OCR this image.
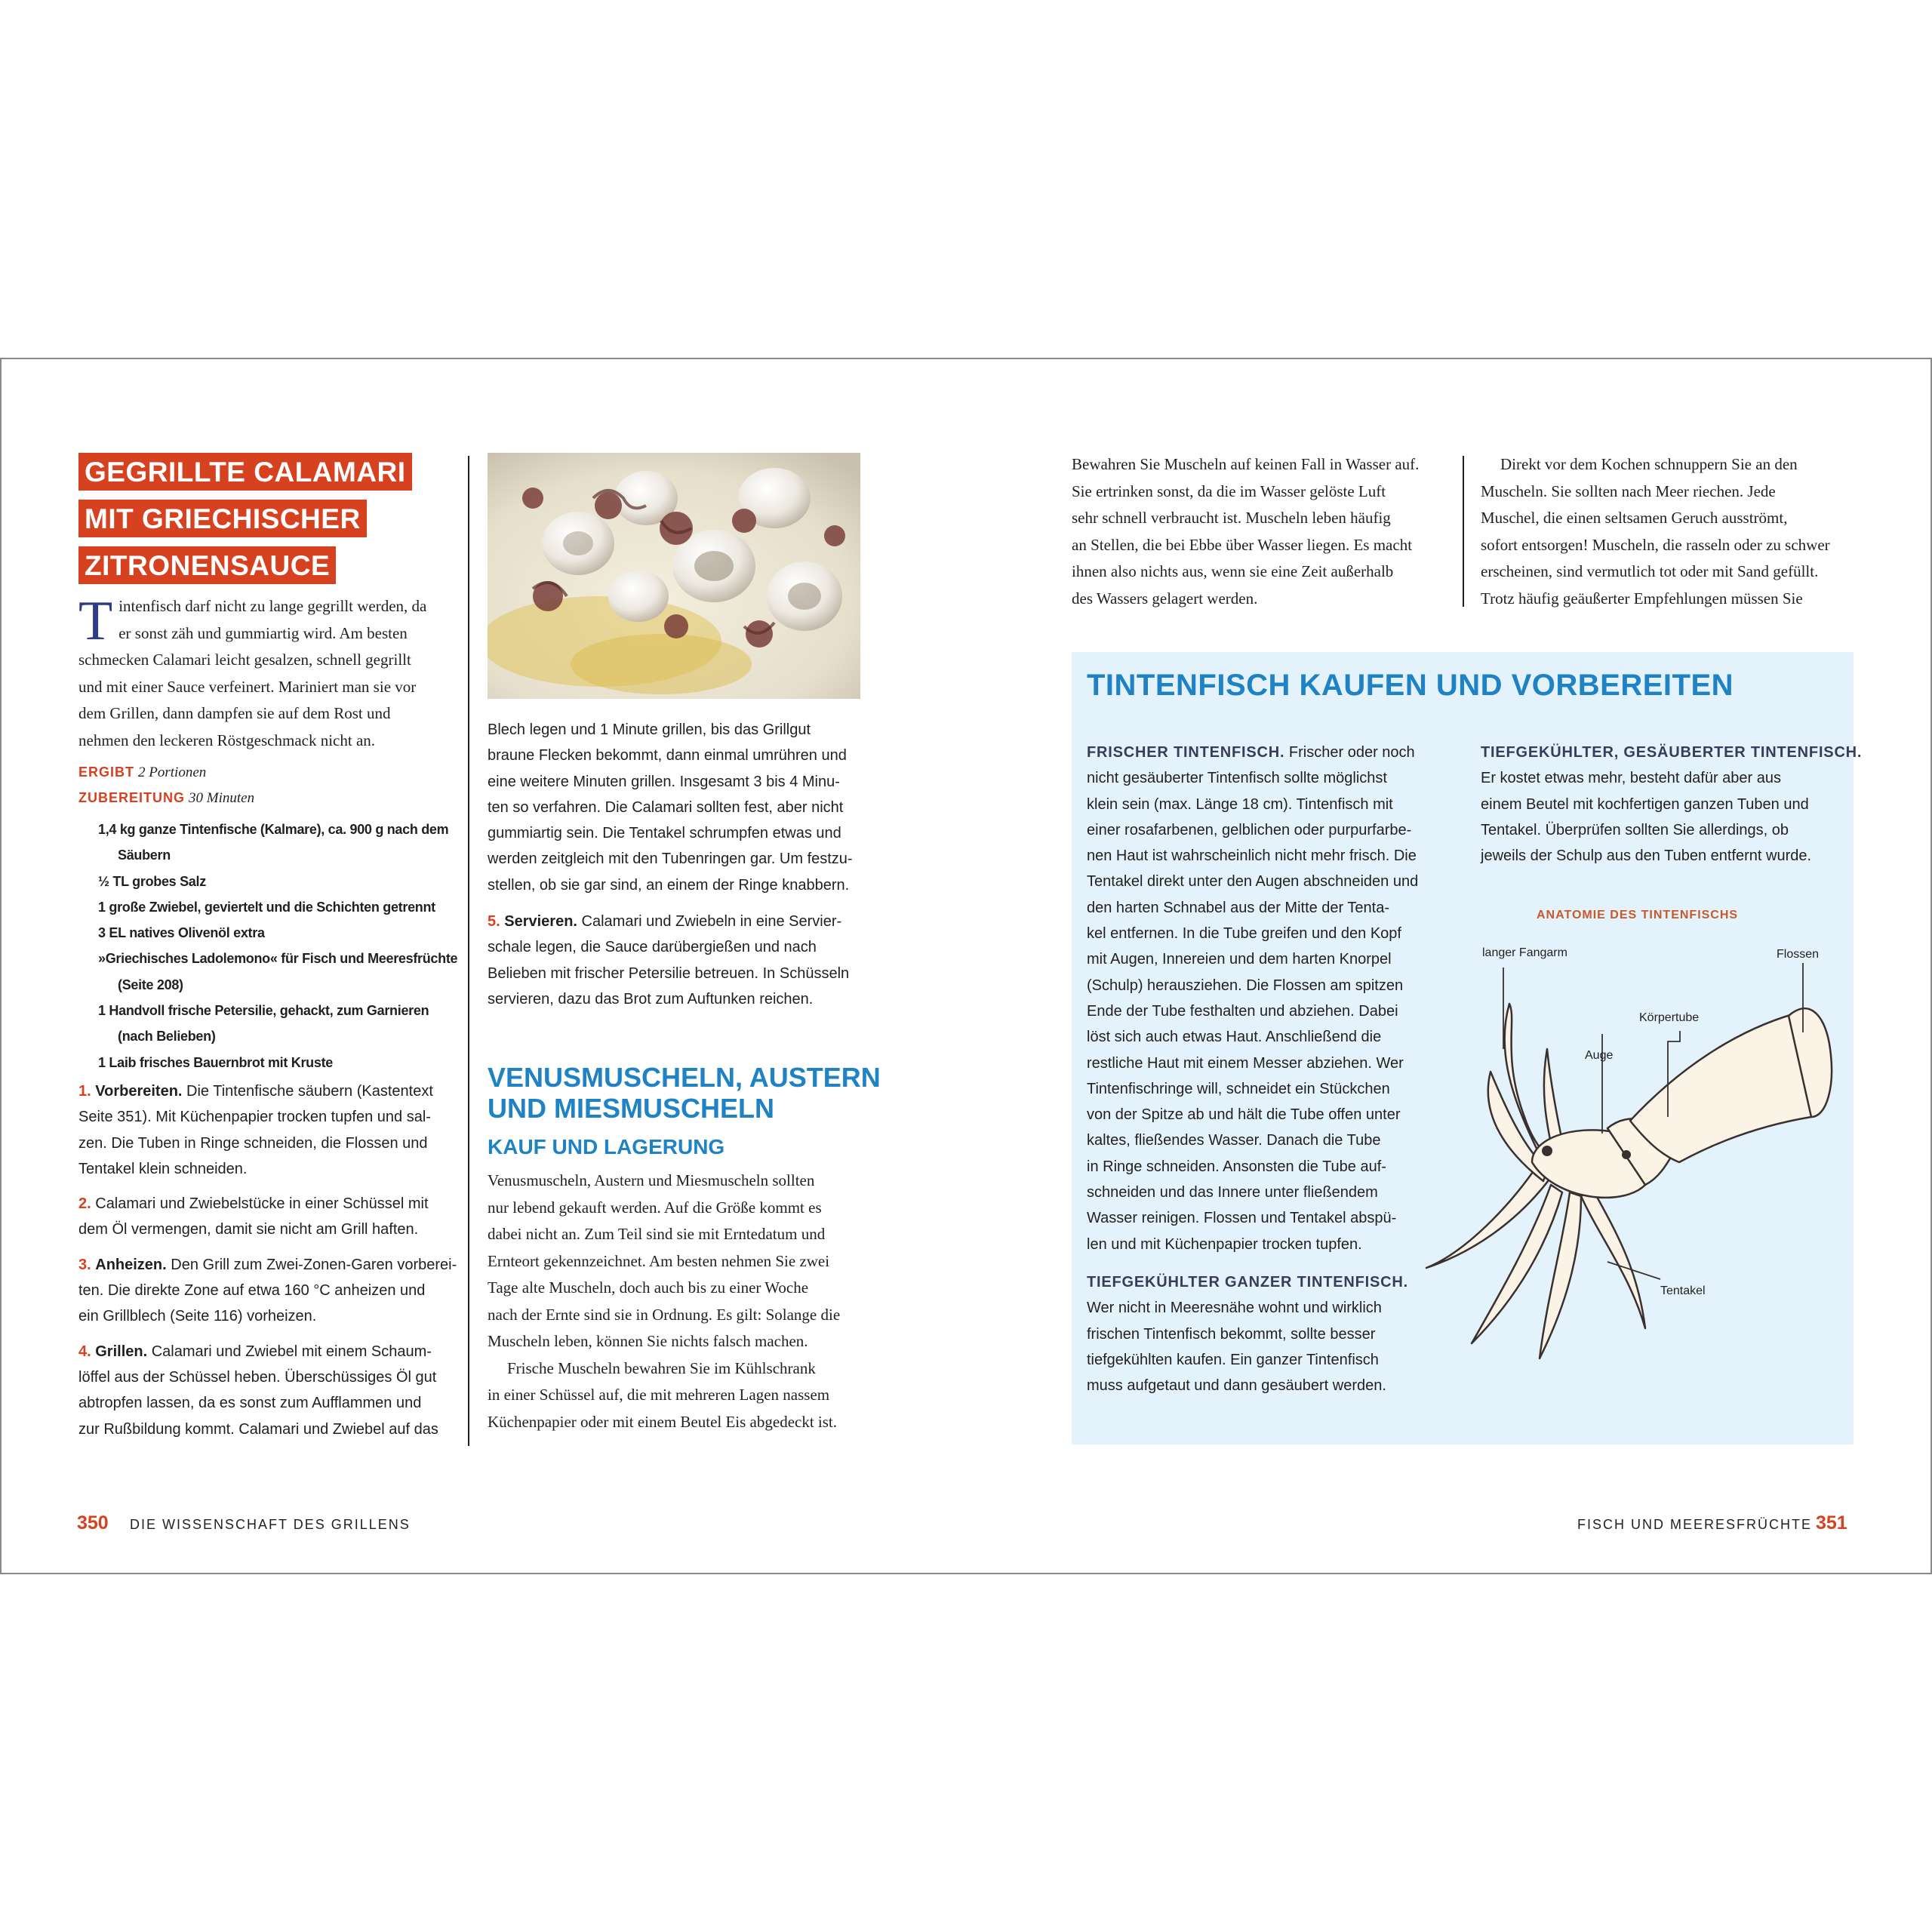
GEGRILLTE CALAMARI
MIT GRIECHISCHER
ZITRONENSAUCE
T intenfisch darf nicht zu lange gegrillt werden, da
er sonst zäh und gummiartig wird. Am besten
schmecken Calamari leicht gesalzen, schnell gegrillt
und mit einer Sauce verfeinert. Mariniert man sie vor
dem Grillen, dann dampfen sie auf dem Rost und
nehmen den leckeren Röstgeschmack nicht an.
ERGIBT 2 Portionen
ZUBEREITUNG 30 Minuten
1,4 kg ganze Tintenfische (Kalmare), ca. 900 g nach dem
Säubern
½ TL grobes Salz
1 große Zwiebel, geviertelt und die Schichten getrennt
3 EL natives Olivenöl extra
»Griechisches Ladolemono« für Fisch und Meeresfrüchte
(Seite 208)
1 Handvoll frische Petersilie, gehackt, zum Garnieren
(nach Belieben)
1 Laib frisches Bauernbrot mit Kruste
1. Vorbereiten. Die Tintenfische säubern (Kastentext
Seite 351). Mit Küchenpapier trocken tupfen und sal-
zen. Die Tuben in Ringe schneiden, die Flossen und
Tentakel klein schneiden.
2. Calamari und Zwiebelstücke in einer Schüssel mit
dem Öl vermengen, damit sie nicht am Grill haften.
3. Anheizen. Den Grill zum Zwei-Zonen-Garen vorberei-
ten. Die direkte Zone auf etwa 160 °C anheizen und
ein Grillblech (Seite 116) vorheizen.
4. Grillen. Calamari und Zwiebel mit einem Schaum-
löffel aus der Schüssel heben. Überschüssiges Öl gut
abtropfen lassen, da es sonst zum Aufflammen und
zur Rußbildung kommt. Calamari und Zwiebel auf das
Blech legen und 1 Minute grillen, bis das Grillgut
braune Flecken bekommt, dann einmal umrühren und
eine weitere Minuten grillen. Insgesamt 3 bis 4 Minu-
ten so verfahren. Die Calamari sollten fest, aber nicht
gummiartig sein. Die Tentakel schrumpfen etwas und
werden zeitgleich mit den Tubenringen gar. Um festzu-
stellen, ob sie gar sind, an einem der Ringe knabbern.
5. Servieren. Calamari und Zwiebeln in eine Servier-
schale legen, die Sauce darübergießen und nach
Belieben mit frischer Petersilie betreuen. In Schüsseln
servieren, dazu das Brot zum Auftunken reichen.
VENUSMUSCHELN, AUSTERN
UND MIESMUSCHELN
KAUF UND LAGERUNG
Venusmuscheln, Austern und Miesmuscheln sollten
nur lebend gekauft werden. Auf die Größe kommt es
dabei nicht an. Zum Teil sind sie mit Erntedatum und
Ernteort gekennzeichnet. Am besten nehmen Sie zwei
Tage alte Muscheln, doch auch bis zu einer Woche
nach der Ernte sind sie in Ordnung. Es gilt: Solange die
Muscheln leben, können Sie nichts falsch machen.
Frische Muscheln bewahren Sie im Kühlschrank
in einer Schüssel auf, die mit mehreren Lagen nassem
Küchenpapier oder mit einem Beutel Eis abgedeckt ist.
Bewahren Sie Muscheln auf keinen Fall in Wasser auf.
Sie ertrinken sonst, da die im Wasser gelöste Luft
sehr schnell verbraucht ist. Muscheln leben häufig
an Stellen, die bei Ebbe über Wasser liegen. Es macht
ihnen also nichts aus, wenn sie eine Zeit außerhalb
des Wassers gelagert werden.
Direkt vor dem Kochen schnuppern Sie an den
Muscheln. Sie sollten nach Meer riechen. Jede
Muschel, die einen seltsamen Geruch ausströmt,
sofort entsorgen! Muscheln, die rasseln oder zu schwer
erscheinen, sind vermutlich tot oder mit Sand gefüllt.
Trotz häufig geäußerter Empfehlungen müssen Sie
TINTENFISCH KAUFEN UND VORBEREITEN
FRISCHER TINTENFISCH. Frischer oder noch
nicht gesäuberter Tintenfisch sollte möglichst
klein sein (max. Länge 18 cm). Tintenfisch mit
einer rosafarbenen, gelblichen oder purpurfarbe-
nen Haut ist wahrscheinlich nicht mehr frisch. Die
Tentakel direkt unter den Augen abschneiden und
den harten Schnabel aus der Mitte der Tenta-
kel entfernen. In die Tube greifen und den Kopf
mit Augen, Innereien und dem harten Knorpel
(Schulp) herausziehen. Die Flossen am spitzen
Ende der Tube festhalten und abziehen. Dabei
löst sich auch etwas Haut. Anschließend die
restliche Haut mit einem Messer abziehen. Wer
Tintenfischringe will, schneidet ein Stückchen
von der Spitze ab und hält die Tube offen unter
kaltes, fließendes Wasser. Danach die Tube
in Ringe schneiden. Ansonsten die Tube auf-
schneiden und das Innere unter fließendem
Wasser reinigen. Flossen und Tentakel abspü-
len und mit Küchenpapier trocken tupfen.
TIEFGEKÜHLTER GANZER TINTENFISCH.
Wer nicht in Meeresnähe wohnt und wirklich
frischen Tintenfisch bekommt, sollte besser
tiefgekühlten kaufen. Ein ganzer Tintenfisch
muss aufgetaut und dann gesäubert werden.
TIEFGEKÜHLTER, GESÄUBERTER TINTENFISCH.
Er kostet etwas mehr, besteht dafür aber aus
einem Beutel mit kochfertigen ganzen Tuben und
Tentakel. Überprüfen sollten Sie allerdings, ob
jeweils der Schulp aus den Tuben entfernt wurde.
ANATOMIE DES TINTENFISCHS
langer Fangarm	Flossen
Körpertube
Auge
Tentakel
350 DIE WISSENSCHAFT DES GRILLENS	FISCH UND MEERESFRÜCHTE 351
